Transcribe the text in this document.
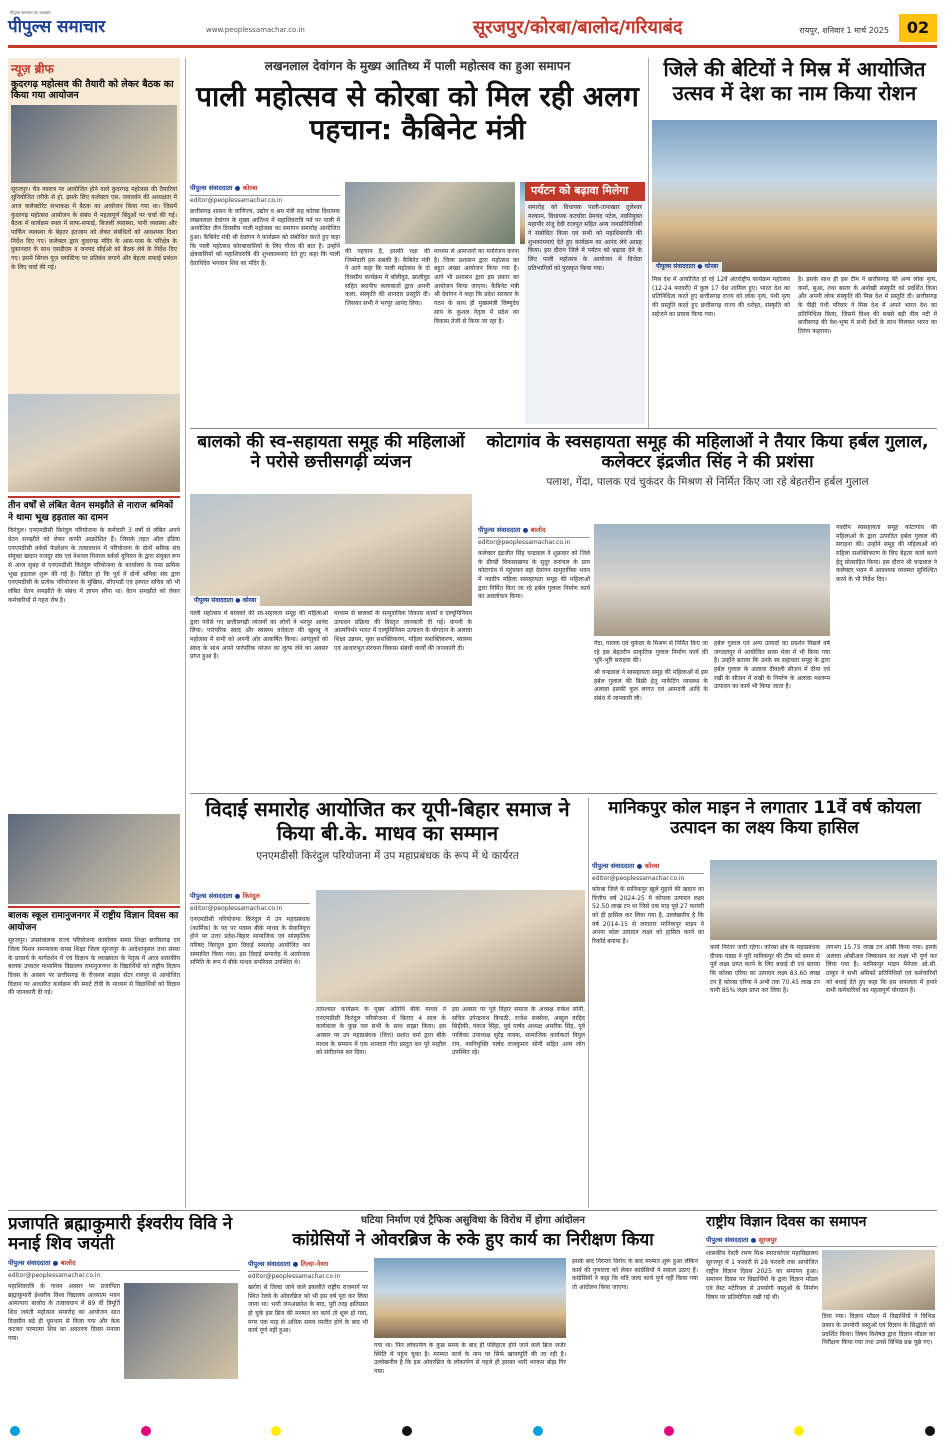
पीपुल्स समाचार का अखबार
पीपुल्स समाचार	www.peoplessamachar.co.in	सूरजपुर/कोरबा/बालोद/गरियाबंद	रायपुर, शनिवार 1 मार्च 2025	02
न्यूज़ ब्रीफ
कुदरगढ़ महोत्सव की तैयारी को लेकर बैठक का किया गया आयोजन
सूरजपुर। चैत्र नवरात्र पर आयोजित होने वाले कुदरगढ़ महोत्सव की तैयारियां सुनियोजित तरीके से हो, इसके लिए कलेक्टर एस. जयवर्धन की अध्यक्षता में आज कलेक्टोरेट सभाकक्ष में बैठक का आयोजन किया गया था। जिसमें कुदरगढ़ महोत्सव आयोजन के संबंध में महत्वपूर्ण बिंदुओं पर चर्चा की गई। बैठक में कार्यक्रम स्थल में साफ-सफाई, बिजली व्यवस्था, पानी व्यवस्था और पार्किंग व्यवस्था के बेहतर इंतजाम को लेकर संबंधितों को आवश्यक दिशा निर्देश दिए गए। कलेक्टर द्वारा कुदरगढ़ मंदिर के आस-पास के परिक्षेत्र के दुकानदार के साथ एसडीएम व जनपद सीईओ को बैठक लेने के निर्देश दिए गए। इसमें सिंगल यूज़ प्लास्टिक पर प्रतिबंध लगाने और बेहतर सफाई प्रबंधन के लिए चर्चा की गई।
लखनलाल देवांगन के मुख्य आतिथ्य में पाली महोत्सव का हुआ समापन
पाली महोत्सव से कोरबा को मिल रही अलग पहचान: कैबिनेट मंत्री
पीपुल्स संवाददाता ● कोरबा
editor@peoplessamachar.co.in
छत्तीसगढ़ शासन के वाणिज्य, उद्योग व श्रम मंत्री सह कोरबा विधायक लखनलाल देवांगन के मुख्य आतिथ्य में महाशिवरात्रि पर्व पर पाली में आयोजित तीन दिवसीय पाली महोत्सव का समापन समारोह आयोजित हुआ। कैबिनेट मंत्री श्री देवांगन ने कार्यक्रम को संबोधित करते हुए कहा कि पाली महोत्सव कोरबावासियों के लिए गौरव की बात है। उन्होंने क्षेत्रवासियों को महाशिवरात्रि की शुभकामनाएं देते हुए कहा कि पाली देवाधिदेव भगवान शिव का मंदिर है।
की पहचान है, इसकी रक्षा की जिम्मेदारी हम सबकी है। कैबिनेट मंत्री ने आगे कहा कि पाली महोत्सव के दो दिवसीय कार्यक्रम में बॉलीवुड, छालीवुड सहित स्थानीय कलाकारों द्वारा अपनी कला, संस्कृति की शानदार प्रस्तुति दी। जिसका सभी ने भरपूर आनंद लिया।
माध्यम से आमजनों का मनोरंजन करना है। जिला प्रशासन द्वारा महोत्सव का बहुत अच्छा आयोजन किया गया है। आगे भी प्रशासन द्वारा इस प्रकार का आयोजन किया जाएगा। कैबिनेट मंत्री श्री देवांगन ने कहा कि प्रदेश सरकार के गठन के साथ ही मुख्यमंत्री विष्णुदेव साय के कुशल नेतृत्व में प्रदेश का विकास तेजी से किया जा रहा है।
पर्यटन को बढ़ावा मिलेगा
समारोह को विधायक पाली-तानाखार तुलेश्वर मरकाम, विधायक कटघोरा प्रेमचंद पटेल, नवनियुक्त महापौर संजू देवी राजपूत सहित अन्य जनप्रतिनिधियों ने संबोधित किया एवं सभी को महाशिवरात्रि की शुभकामनाएं देते हुए कार्यक्रम का आनंद लेने आग्रह किया। इस दौरान जिले में पर्यटन को बढ़ावा देने के लिए पाली महोत्सव के आयोजन में विजेता प्रतिभागियों को पुरस्कृत किया गया।
जिले की बेटियों ने मिस्र में आयोजित उत्सव में देश का नाम किया रोशन
पीपुल्स संवाददाता ● कोरबा
मिस्र देश में आयोजित हो रहे 12वें अंतर्राष्ट्रीय कार्यक्रम महोत्सव (12-24 फरवरी) में कुल 17 देश शामिल हुए। भारत देश का प्रतिनिधित्व करते हुए छत्तीसगढ़ राज्य को लोक नृत्य, पंथी नृत्य की प्रस्तुति करते हुए छत्तीसगढ़ राज्य की धरोहर, संस्कृति को सहेजने का प्रयास किया गया।
है। इसके साथ ही इस टीम ने छत्तीसगढ़ की अन्य लोक नृत्य, कर्मा, सुआ, तथा बस्तर के अनोखी संस्कृति को प्रदर्शित किया और अपनी लोक संस्कृति की मिस्र देश में प्रस्तुति दी। छत्तीसगढ़ के पीढ़ी पंथी परिवार ने मिस्र देश में अपने भारत देश का प्रतिनिधित्व किया, जिसमें विश्व की सबसे बड़ी नील नदी में छत्तीसगढ़ की वेश-भूषा में सभी देशों के साथ मिलकर भारत का तिरंगा फहराया।
तीन वर्षों से लंबित वेतन समझौते से नाराज श्रमिकों ने थामा भूख हड़ताल का दामन
किरंदुल। एनएमडीसी किरंदुल परियोजना के कर्मचारी 3 वर्षों से लंबित अपने वेतन समझौते को लेकर काफी आक्रोशित हैं। जिसके तहत ऑल इंडिया एनएमडीसी वर्कर्स फेडरेशन के तत्वावधान में परियोजना के दोनों श्रमिक संघ संयुक्त खदान मजदूर संघ एवं नेशनल मिनरल वर्कर्स यूनियन के द्वारा संयुक्त रूप से आज सुबह से एनएमडीसी किरंदुल परियोजना के कार्यालय के पास क्रमिक भूख हड़ताल शुरू की गई है। विदित हो कि पूर्व में दोनों श्रमिक संघ द्वारा एनएमडीसी के प्रत्येक परियोजना के मुखिया, सीएमडी एवं इस्पात सचिव को भी लंबित वेतन समझौते के संबंध में ज्ञापन सौंपा था। वेतन समझौते को लेकर कर्मचारियों में गहरा रोष है।
बालको की स्व-सहायता समूह की महिलाओं ने परोसे छत्तीसगढ़ी व्यंजन
पीपुल्स संवाददाता ● कोरबा
पाली महोत्सव में बालको की स्व-सहायता समूह की महिलाओं द्वारा परोसे गए छत्तीसगढ़ी व्यंजनों का लोगों ने भरपूर आनंद लिया। पारंपरिक स्वाद और स्वास्थ्य वर्धकता की खुशबू ने महोत्सव में सभी को अपनी ओर आकर्षित किया। आगंतुकों को स्वाद के साथ अपने पारंपरिक व्यंजन का लुत्फ लेने का अवसर प्राप्त हुआ है।
माध्यम से बालको के सामुदायिक विकास कार्यों व एल्यूमिनियम उत्पादन प्रक्रिया की विस्तृत जानकारी दी गई। कंपनी के आत्मनिर्भर भारत में एल्यूमिनियम उत्पादन के योगदान के अलावा शिक्षा उन्नयन, युवा सशक्तिकरण, महिला सशक्तिकरण, स्वास्थ्य एवं आधारभूत संरचना विकास संबंधी कार्यों की जानकारी दी।
कोटागांव के स्वसहायता समूह की महिलाओं ने तैयार किया हर्बल गुलाल, कलेक्टर इंद्रजीत सिंह ने की प्रशंसा
पलाश, गेंदा, पालक एवं चुकंदर के मिश्रण से निर्मित किए जा रहे बेहतरीन हर्बल गुलाल
पीपुल्स संवाददाता ● बालोद
editor@peoplessamachar.co.in
कलेक्टर इंद्रजीत सिंह चन्द्रवाल ने शुक्रवार को जिले के डौण्डी विकासखण्ड के सुदूर वनांचल के ग्राम कोटागांव में पहुंचकर वहां देवांगन सामुदायिक भवन में नवदीप महिला स्वसहायता समूह की महिलाओं द्वारा निर्मित किए जा रहे हर्बल गुलाल निर्माण कार्य का अवलोकन किया।
गेंदा, पालक एवं चुकंदर के मिश्रण से निर्मित किए जा रहे इस बेहतरीन प्राकृतिक गुलाल निर्माण कार्य की भूरि-भूरि सराहना की।
श्री चन्द्रवाल ने स्वसहायता समूह की महिलाओं से इस हर्बल गुलाल की बिक्री हेतु मार्केटिंग व्यवस्था के अलावा इसकी कुल लागत एवं आमदनी आदि के संबंध में जानकारी ली।
हर्बल गुलाल एवं अन्य उत्पादों का प्रदर्शन पिछले वर्ष जगदलपुर में आयोजित सरस मेला में भी किया गया है। उन्होंने बताया कि उनके स्व सहायता समूह के द्वारा हर्बल गुलाल के अलावा दीवाली सीजन में दीया एवं रखी के सीजन में राखी के निर्माण के अलावा मशरूम उत्पादन का कार्य भी किया जाता है।
नवदीप स्वसहायता समूह कोटागांव की महिलाओं के द्वारा उत्पादित हर्बल गुलाल की सराहना की। उन्होंने समूह की महिलाओं को महिला सशक्तिकरण के लिए बेहतर कार्य करने हेतु प्रोत्साहित किया। इस दौरान श्री चन्द्रवाल ने कलेक्टर भवन में आवश्यक व्यवस्था सुनिश्चित करने के भी निर्देश दिए।
बालक स्कूल रामानुजनगर में राष्ट्रीय विज्ञान दिवस का आयोजन
सूरजपुर। उपसंचालक राज्य परियोजना कार्यालय समग्र शिक्षा छत्तीसगढ़ एवं जिला मिशन समन्वयक समग्र शिक्षा जिला सूरजपुर के आदेशानुसार तथा संस्था के प्राचार्य के मार्गदर्शन में एवं विज्ञान के व्याख्याता के नेतृत्व में आज शासकीय बालक उच्चतर माध्यमिक विद्यालय रामानुजनगर के विद्यार्थियों को राष्ट्रीय विज्ञान दिवस के अवसर पर छत्तीसगढ़ के रीजनल साइंस सेंटर रायपुर से आयोजित विज्ञान पर आधारित कार्यक्रम की स्मार्ट टीवी के माध्यम से विद्यार्थियों को विज्ञान की जानकारी दी गई।
विदाई समारोह आयोजित कर यूपी-बिहार समाज ने किया बी.के. माधव का सम्मान
एनएमडीसी किरंदुल परियोजना में उप महाप्रबंधक के रूप में थे कार्यरत
पीपुल्स संवाददाता ● किरंदुल
editor@peoplessamachar.co.in
एनएमडीसी परियोजना किरंदुल में उप महाप्रबंधक (कार्मिक) के पद पर पदस्थ बीके माधव के सेवानिवृत्त होने पर उत्तर प्रदेश-बिहार सामाजिक एवं सांस्कृतिक परिषद किरंदुल द्वारा विदाई समारोह आयोजित कर सम्मानित किया गया। इस विदाई समारोह में आयोजक समिति के रूप में बीके माधव सपरिवार उपस्थित थे।
तत्पश्चात कार्यक्रम के मुख्य अतिथि बीके माधव ने एनएमडीसी किरंदुल परियोजना में बिताए 4 साल के कार्यकाल के कुछ पल सभी के साथ साझा किया। इस अवसर पर उप महाप्रबंधक (वित्त) प्रशांत वर्मा द्वारा बीके माधव के सम्मान में एक शानदार गीत प्रस्तुत कर पूरे माहौल को संगीतमय कर दिया।
इस अवसर पर पूर्व विहार समाज के अध्यक्ष राकेश सोनी, सचिव उपेन्द्रनाथ त्रिपाठी, राजेश सक्सेना, अब्दुल वाहिद सिद्दीकी, पंकज सिंहा, पूर्व पार्षद अध्यक्ष अमरीक सिंह, पूर्व पालिका उपाध्यक्ष सुरेंद्र नायक, सामाजिक कार्यकर्ता विपुल राय, नवनियुक्ति पार्षद राजकुमार सोनी सहित अन्य लोग उपस्थित रहे।
मानिकपुर कोल माइन ने लगातार 11वें वर्ष कोयला उत्पादन का लक्ष्य किया हासिल
पीपुल्स संवाददाता ● कोरबा
editor@peoplessamachar.co.in
कोरबा जिले के मानिकपुर खुले मुहाने की खदान का वित्तीय वर्ष 2024-25 में कोयला उत्पादन लक्ष्य 52.50 लाख टन था जिसे एक माह पूर्व 27 फरवरी को ही हासिल कर लिया गया है, उल्लेखनीय है कि वर्ष 2014-15 से लगातार मानिकपुर माइन ने अपना कोल उत्पादन लक्ष्य को हासिल करने का रिकॉर्ड बनाया है।
कार्य निरंतर जारी रहेगा। कोरबा क्षेत्र के महाप्रबंधक दीपक पंड्या ने पूरी मानिकपुर की टीम को समय से पूर्व लक्ष्य प्राप्त करने के लिए बधाई दी एवं बताया कि कोरबा एरिया का उत्पादन लक्ष्य 83.60 लाख टन है कोरबा एरिया ने अभी तक 70.45 लाख टन यानी 85% लक्ष्य प्राप्त कर लिया है।
लगभग 15.75 लाख टन ओबी किया गया। इसके अलावा ओबीआर निष्कासन का लक्ष्य भी पूर्ण कर लिया गया है। मानिकपुर माइन मैनेजर ओ.सी. ठाकुर ने सभी श्रमिकों प्रतिनिधियों एवं कर्मचारियों को बधाई देते हुए कहा कि इस सफलता में हमारे सभी कर्मचारियों का महत्वपूर्ण योगदान है।
प्रजापति ब्रह्माकुमारी ईश्वरीय विवि ने मनाई शिव जयंती
पीपुल्स संवाददाता ● बालोद
editor@peoplessamachar.co.in
महाशिवरात्रि के पावन अवसर पर प्रजापिता ब्रह्माकुमारी ईश्वरीय विश्व विद्यालय आध्यात्म भवन आमापारा बालोद के तत्वावधान में 89 वीं त्रिमूर्ति शिव जयंती महोत्सव समारोह का आयोजन सात दिवसीय बड़े ही धूमधाम से किया गया और केक कटकर परमात्मा शिव का अवतरण दिवस मनाया गया।
घटिया निर्माण एवं ट्रैफिक असुविधा के विरोध में होगा आंदोलन
कांग्रेसियों ने ओवरब्रिज के रुके हुए कार्य का निरीक्षण किया
पीपुल्स संवाददाता ● तिल्दा-नेवरा
editor@peoplessamachar.co.in
खरोरा से तिल्दा जाने वाले इकलौते राष्ट्रीय राजमार्ग पर स्थित रेलवे के ओवरब्रिज को भी इस वर्ष पूरा कर लिया जाना था। भारी जनआक्रोश के बाद, पूरी तरह क्षतिग्रस्त हो चुके इस ब्रिज की मरम्मत का कार्य तो शुरू हो गया, मगर एक माह से अधिक समय व्यतीत होने के बाद भी कार्य पूर्ण नहीं हुआ।
गया था। फिर लोकार्पण के कुछ समय के बाद ही पलिहाता होने जाने वाले ब्रिज जर्जर स्थिति में पहुंच चुका है। मरम्मत कार्य के नाम पर सिर्फ खानापूर्ति की जा रही है। उल्लेखनीय है कि इस ओवरब्रिज के लोकार्पण से पहले ही इसका भारी भरकम बोझ गिर गया।
इसके बाद निरन्तर विरोध के बाद मरम्मत शुरू हुआ लेकिन कार्य की गुणवत्ता को लेकर कांग्रेसियों ने सवाल उठाए हैं। कांग्रेसियों ने कहा कि यदि जल्द कार्य पूर्ण नहीं किया गया तो आंदोलन किया जाएगा।
राष्ट्रीय विज्ञान दिवस का समापन
पीपुल्स संवाददाता ● सूरजपुर
शासकीय रेवती रमण मिश्र स्नातकोत्तर महाविद्यालय सूरजपुर में 1 फरवरी से 28 फरवरी तक आयोजित राष्ट्रीय विज्ञान दिवस 2025 का समापन हुआ। समापन दिवस पर विद्यार्थियों के द्वारा विज्ञान मॉडल एवं वेस्ट मटेरियल से उपयोगी वस्तुओं के निर्माण विषय पर प्रतियोगिता रखी गई थी।
दिया गया। विज्ञान मॉडल में विद्यार्थियों ने विभिन्न प्रकार के उपयोगी वस्तुओं एवं विज्ञान के सिद्धांतों को प्रदर्शित किया। विषय विशेषज्ञ द्वारा विज्ञान मॉडल का निरीक्षण किया गया तथा उनसे विभिन्न प्रश्न पूछे गए।
